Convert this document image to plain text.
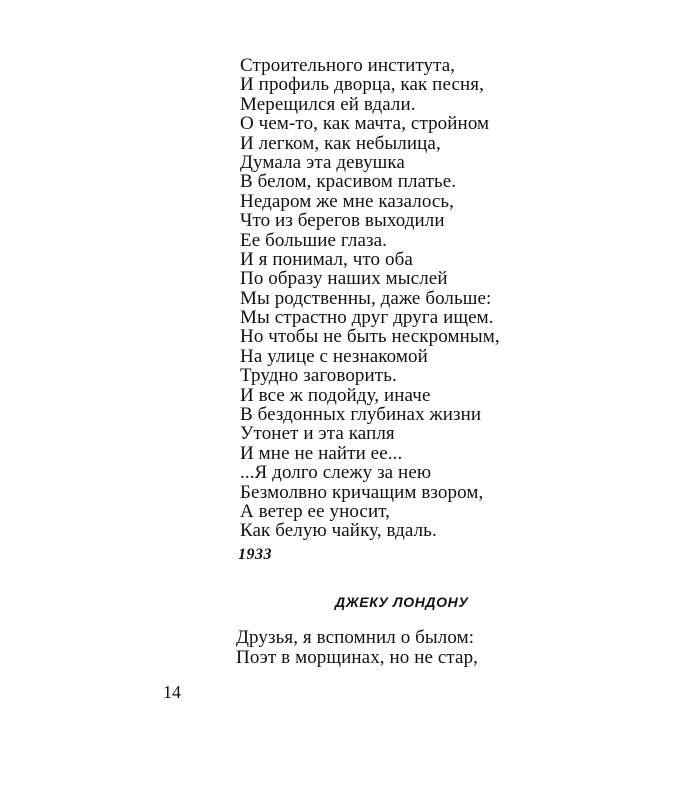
Строительного института,
И профиль дворца, как песня,
Мерещился ей вдали.
О чем-то, как мачта, стройном
И легком, как небылица,
Думала эта девушка
В белом, красивом платье.
Недаром же мне казалось,
Что из берегов выходили
Ее большие глаза.
И я понимал, что оба
По образу наших мыслей
Мы родственны, даже больше:
Мы страстно друг друга ищем.
Но чтобы не быть нескромным,
На улице с незнакомой
Трудно заговорить.
И все ж подойду, иначе
В бездонных глубинах жизни
Утонет и эта капля
И мне не найти ее...
...Я долго слежу за нею
Безмолвно кричащим взором,
А ветер ее уносит,
Как белую чайку, вдаль.
1933
ДЖЕКУ ЛОНДОНУ
Друзья, я вспомнил о былом:
Поэт в морщинах, но не стар,
14
